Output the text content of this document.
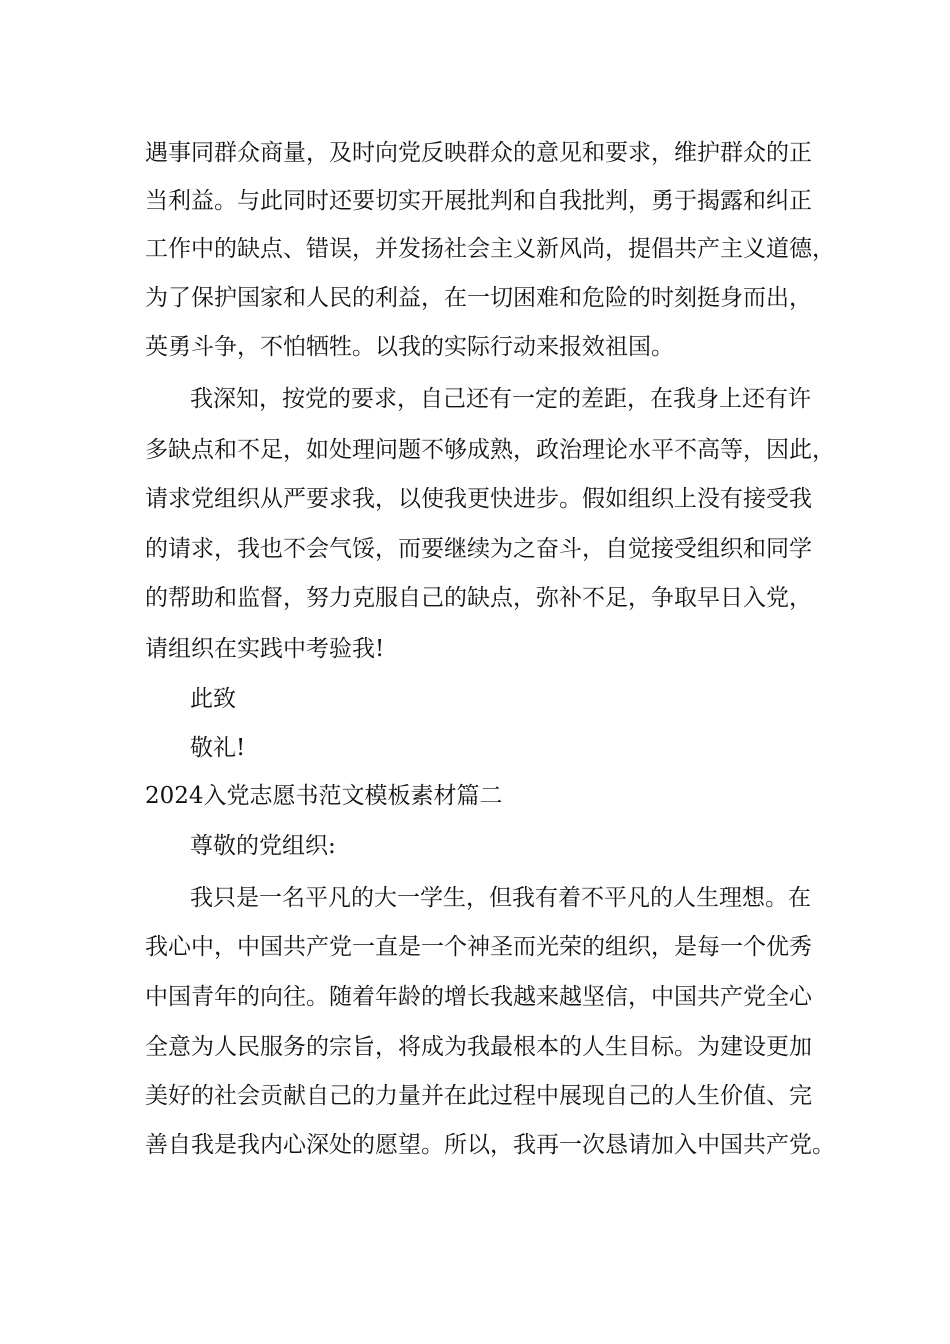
遇事同群众商量，及时向党反映群众的意见和要求，维护群众的正
当利益。与此同时还要切实开展批判和自我批判，勇于揭露和纠正
工作中的缺点、错误，并发扬社会主义新风尚，提倡共产主义道德，
为了保护国家和人民的利益，在一切困难和危险的时刻挺身而出，
英勇斗争，不怕牺牲。以我的实际行动来报效祖国。
我深知，按党的要求，自己还有一定的差距，在我身上还有许
多缺点和不足，如处理问题不够成熟，政治理论水平不高等，因此，
请求党组织从严要求我，以使我更快进步。假如组织上没有接受我
的请求，我也不会气馁，而要继续为之奋斗，自觉接受组织和同学
的帮助和监督，努力克服自己的缺点，弥补不足，争取早日入党，
请组织在实践中考验我!
此致
敬礼!
2024入党志愿书范文模板素材篇二
尊敬的党组织:
我只是一名平凡的大一学生，但我有着不平凡的人生理想。在
我心中，中国共产党一直是一个神圣而光荣的组织，是每一个优秀
中国青年的向往。随着年龄的增长我越来越坚信，中国共产党全心
全意为人民服务的宗旨，将成为我最根本的人生目标。为建设更加
美好的社会贡献自己的力量并在此过程中展现自己的人生价值、完
善自我是我内心深处的愿望。所以，我再一次恳请加入中国共产党。
